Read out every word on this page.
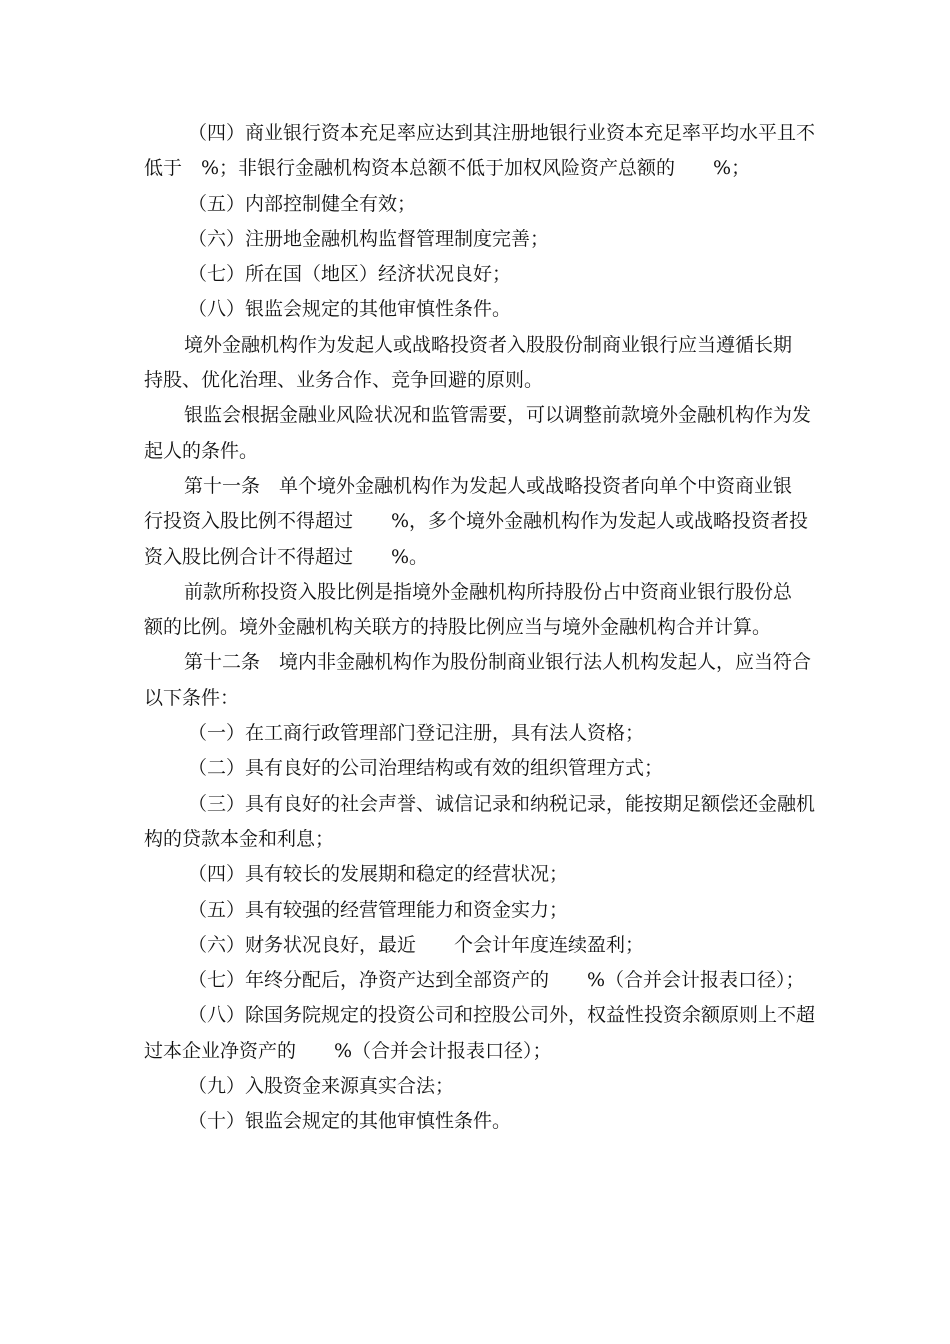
（四）商业银行资本充足率应达到其注册地银行业资本充足率平均水平且不
低于　%；非银行金融机构资本总额不低于加权风险资产总额的　　%；
（五）内部控制健全有效；
（六）注册地金融机构监督管理制度完善；
（七）所在国（地区）经济状况良好；
（八）银监会规定的其他审慎性条件。
境外金融机构作为发起人或战略投资者入股股份制商业银行应当遵循长期
持股、优化治理、业务合作、竞争回避的原则。
银监会根据金融业风险状况和监管需要，可以调整前款境外金融机构作为发
起人的条件。
第十一条　单个境外金融机构作为发起人或战略投资者向单个中资商业银
行投资入股比例不得超过　　%，多个境外金融机构作为发起人或战略投资者投
资入股比例合计不得超过　　%。
前款所称投资入股比例是指境外金融机构所持股份占中资商业银行股份总
额的比例。境外金融机构关联方的持股比例应当与境外金融机构合并计算。
第十二条　境内非金融机构作为股份制商业银行法人机构发起人，应当符合
以下条件：
（一）在工商行政管理部门登记注册，具有法人资格；
（二）具有良好的公司治理结构或有效的组织管理方式；
（三）具有良好的社会声誉、诚信记录和纳税记录，能按期足额偿还金融机
构的贷款本金和利息；
（四）具有较长的发展期和稳定的经营状况；
（五）具有较强的经营管理能力和资金实力；
（六）财务状况良好，最近　　个会计年度连续盈利；
（七）年终分配后，净资产达到全部资产的　　%（合并会计报表口径）；
（八）除国务院规定的投资公司和控股公司外，权益性投资余额原则上不超
过本企业净资产的　　%（合并会计报表口径）；
（九）入股资金来源真实合法；
（十）银监会规定的其他审慎性条件。
